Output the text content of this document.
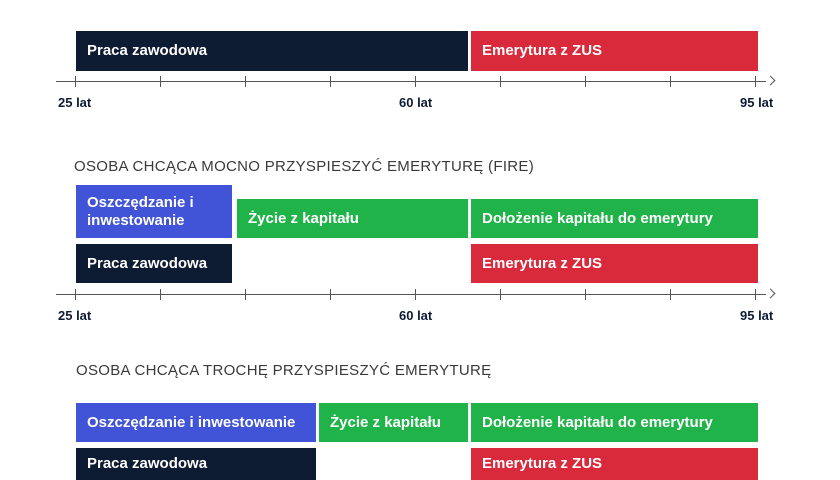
Praca zawodowa	Emerytura z ZUS
25 lat	60 lat	95 lat
OSOBA CHCĄCA MOCNO PRZYSPIESZYĆ EMERYTURĘ (FIRE)
Oszczędzanie i
inwestowanie	Życie z kapitału	Dołożenie kapitału do emerytury
Praca zawodowa	Emerytura z ZUS
25 lat	60 lat	95 lat
OSOBA CHCĄCA TROCHĘ PRZYSPIESZYĆ EMERYTURĘ
Oszczędzanie i inwestowanie Życie z kapitału	Dołożenie kapitału do emerytury
Praca zawodowa	Emerytura z ZUS
